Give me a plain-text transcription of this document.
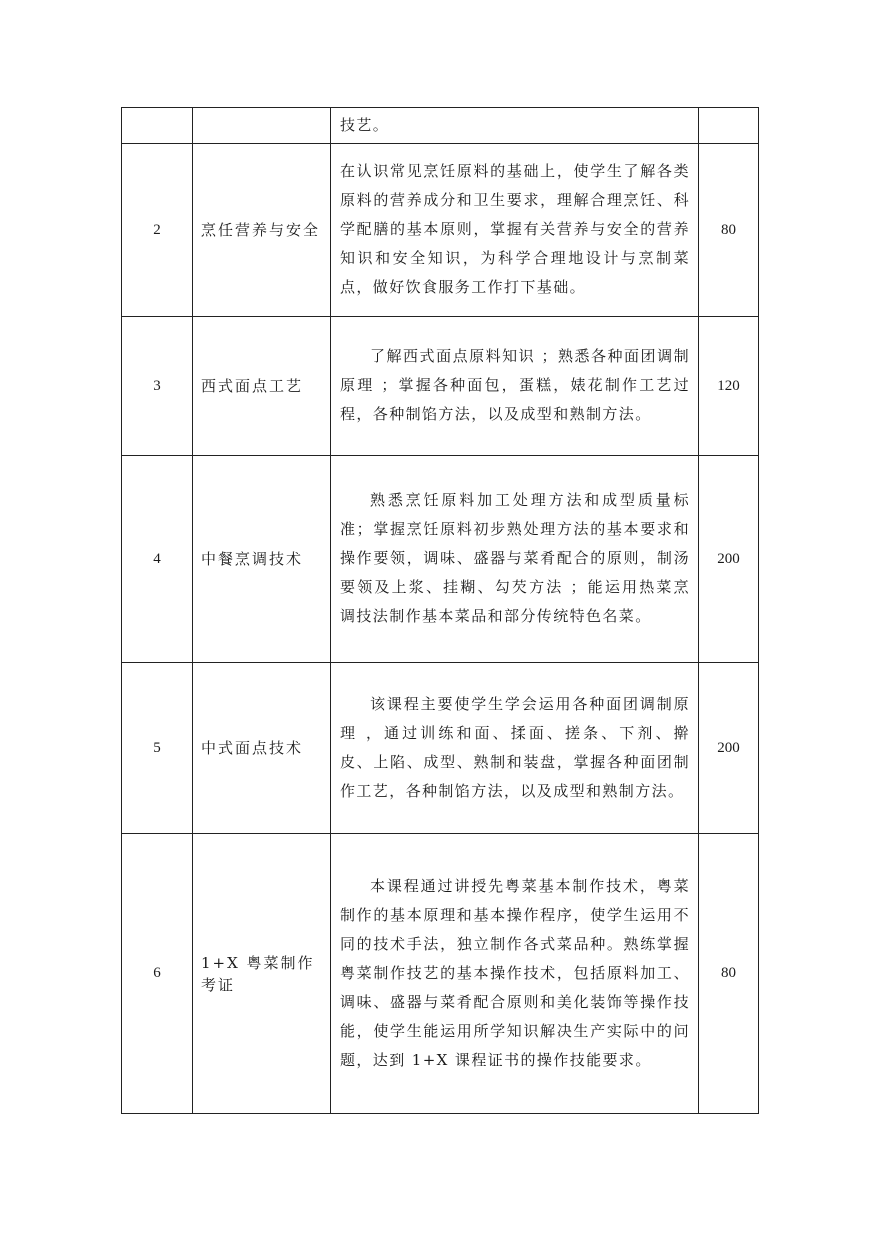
		技艺。	
2	烹任营养与安全	在认识常见烹饪原料的基础上，使学生了解各类原料的营养成分和卫生要求，理解合理烹饪、科学配膳的基本原则，掌握有关营养与安全的营养知识和安全知识，为科学合理地设计与烹制菜点，做好饮食服务工作打下基础。	80
3	西式面点工艺	了解西式面点原料知识 ；熟悉各种面团调制原理 ；掌握各种面包，蛋糕，婊花制作工艺过程，各种制馅方法，以及成型和熟制方法。	120
4	中餐烹调技术	熟悉烹饪原料加工处理方法和成型质量标准；掌握烹饪原料初步熟处理方法的基本要求和操作要领，调味、盛器与菜肴配合的原则，制汤要领及上浆、挂糊、勾芡方法 ；能运用热菜烹调技法制作基本菜品和部分传统特色名菜。	200
5	中式面点技术	该课程主要使学生学会运用各种面团调制原理 ，通过训练和面、揉面、搓条、下剂、擀皮、上陷、成型、熟制和装盘，掌握各种面团制作工艺，各种制馅方法，以及成型和熟制方法。	200
6	1+X 粤菜制作考证	本课程通过讲授先粤菜基本制作技术，粤菜制作的基本原理和基本操作程序，使学生运用不同的技术手法，独立制作各式菜品种。熟练掌握粤菜制作技艺的基本操作技术，包括原料加工、调味、盛器与菜肴配合原则和美化装饰等操作技能，使学生能运用所学知识解决生产实际中的问题，达到 1+X 课程证书的操作技能要求。	80
